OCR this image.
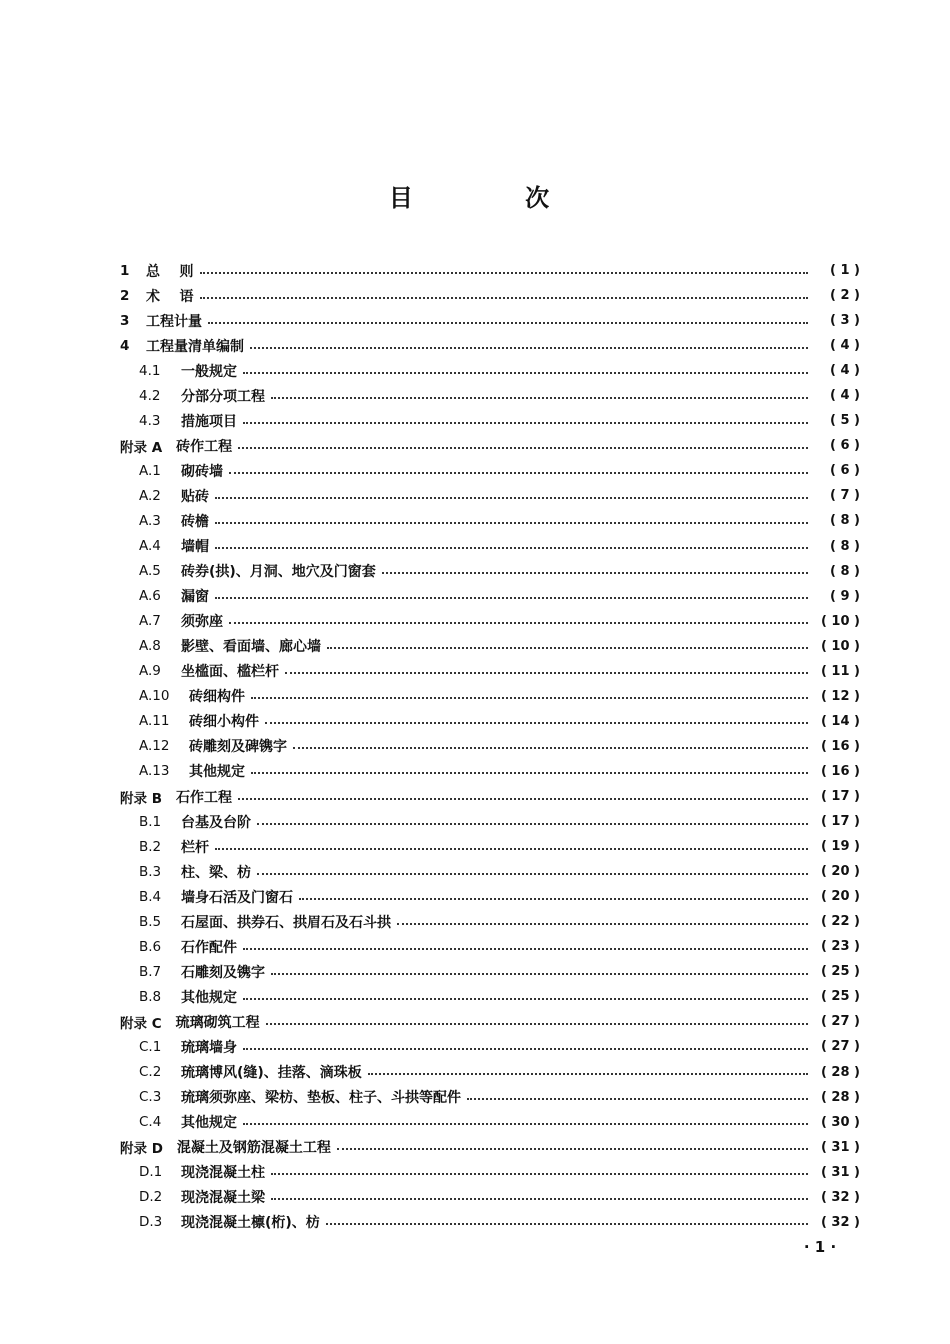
目 次
1	总    则	( 1 )
2	术    语	( 2 )
3	工程计量	( 3 )
4	工程量清单编制	( 4 )
4.1	一般规定	( 4 )
4.2	分部分项工程	( 4 )
4.3	措施项目	( 5 )
附录 A 砖作工程	( 6 )
A.1	砌砖墙	( 6 )
A.2	贴砖	( 7 )
A.3	砖檐	( 8 )
A.4	墙帽	( 8 )
A.5	砖券(拱)、月洞、地穴及门窗套	( 8 )
A.6	漏窗	( 9 )
A.7	须弥座	( 10 )
A.8	影壁、看面墙、廊心墙	( 10 )
A.9	坐槛面、槛栏杆	( 11 )
A.10	砖细构件	( 12 )
A.11	砖细小构件	( 14 )
A.12	砖雕刻及碑镌字	( 16 )
A.13	其他规定	( 16 )
附录 B 石作工程	( 17 )
B.1	台基及台阶	( 17 )
B.2	栏杆	( 19 )
B.3	柱、梁、枋	( 20 )
B.4	墙身石活及门窗石	( 20 )
B.5	石屋面、拱券石、拱眉石及石斗拱	( 22 )
B.6	石作配件	( 23 )
B.7	石雕刻及镌字	( 25 )
B.8	其他规定	( 25 )
附录 C 琉璃砌筑工程	( 27 )
C.1	琉璃墙身	( 27 )
C.2	琉璃博风(缝)、挂落、滴珠板	( 28 )
C.3	琉璃须弥座、梁枋、垫板、柱子、斗拱等配件	( 28 )
C.4	其他规定	( 30 )
附录 D 混凝土及钢筋混凝土工程	( 31 )
D.1	现浇混凝土柱	( 31 )
D.2	现浇混凝土梁	( 32 )
D.3	现浇混凝土檩(桁)、枋	( 32 )
· 1 ·
